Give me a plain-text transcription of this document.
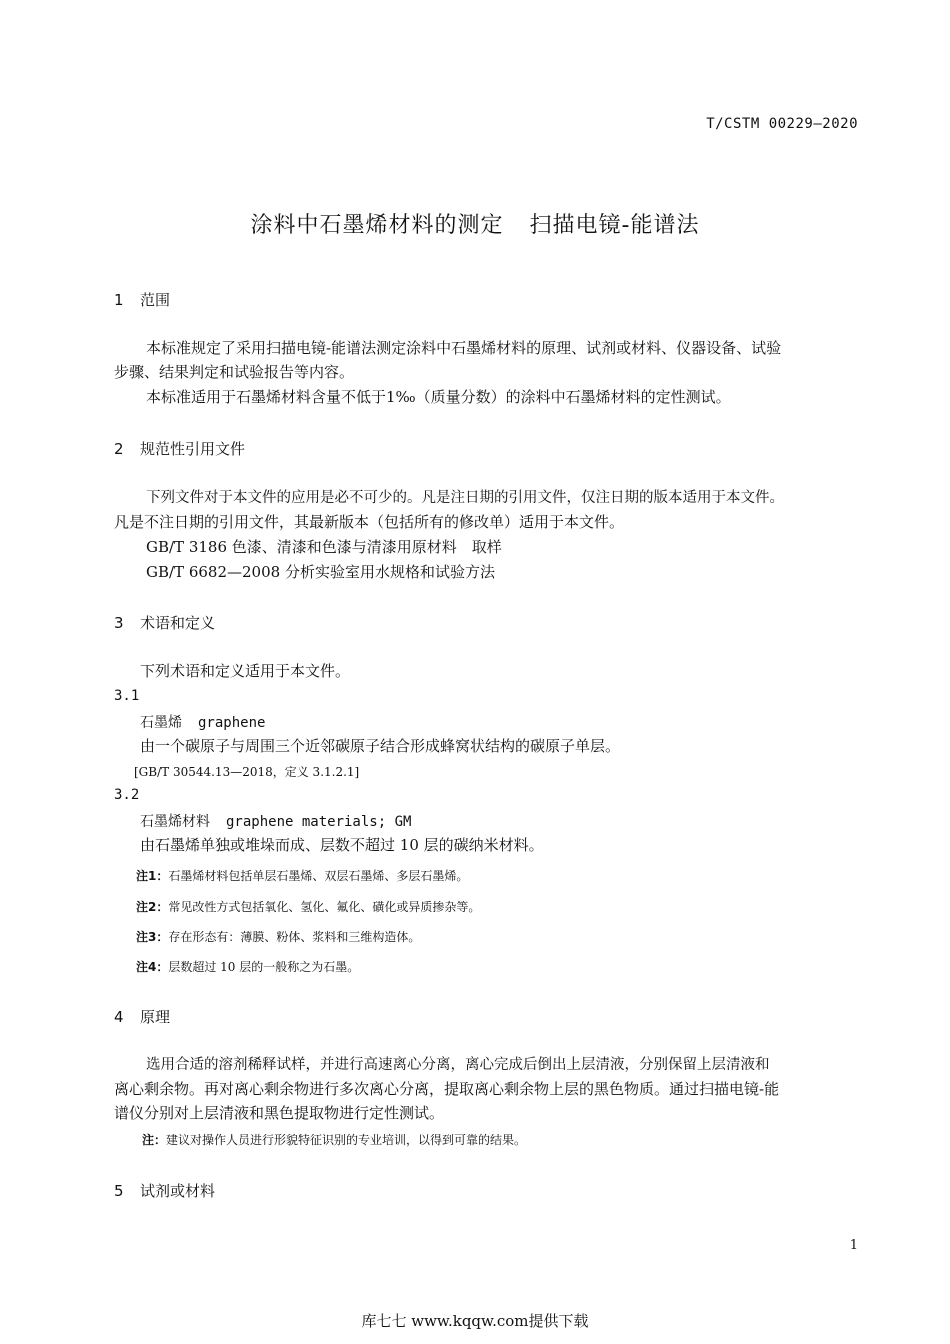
T/CSTM 00229—2020
涂料中石墨烯材料的测定 扫描电镜-能谱法
1 范围
本标准规定了采用扫描电镜-能谱法测定涂料中石墨烯材料的原理、试剂或材料、仪器设备、试验
步骤、结果判定和试验报告等内容。
本标准适用于石墨烯材料含量不低于1‰（质量分数）的涂料中石墨烯材料的定性测试。
2 规范性引用文件
下列文件对于本文件的应用是必不可少的。凡是注日期的引用文件，仅注日期的版本适用于本文件。
凡是不注日期的引用文件，其最新版本（包括所有的修改单）适用于本文件。
GB/T 3186 色漆、清漆和色漆与清漆用原材料　取样
GB/T 6682—2008 分析实验室用水规格和试验方法
3 术语和定义
下列术语和定义适用于本文件。
3.1
石墨烯 graphene
由一个碳原子与周围三个近邻碳原子结合形成蜂窝状结构的碳原子单层。
[GB/T 30544.13—2018，定义 3.1.2.1]
3.2
石墨烯材料 graphene materials; GM
由石墨烯单独或堆垛而成、层数不超过 10 层的碳纳米材料。
注1：石墨烯材料包括单层石墨烯、双层石墨烯、多层石墨烯。
注2：常见改性方式包括氧化、氢化、氟化、磺化或异质掺杂等。
注3：存在形态有：薄膜、粉体、浆料和三维构造体。
注4：层数超过 10 层的一般称之为石墨。
4 原理
选用合适的溶剂稀释试样，并进行高速离心分离，离心完成后倒出上层清液，分别保留上层清液和
离心剩余物。再对离心剩余物进行多次离心分离，提取离心剩余物上层的黑色物质。通过扫描电镜-能
谱仪分别对上层清液和黑色提取物进行定性测试。
注：建议对操作人员进行形貌特征识别的专业培训，以得到可靠的结果。
5 试剂或材料
1
库七七 www.kqqw.com提供下载
